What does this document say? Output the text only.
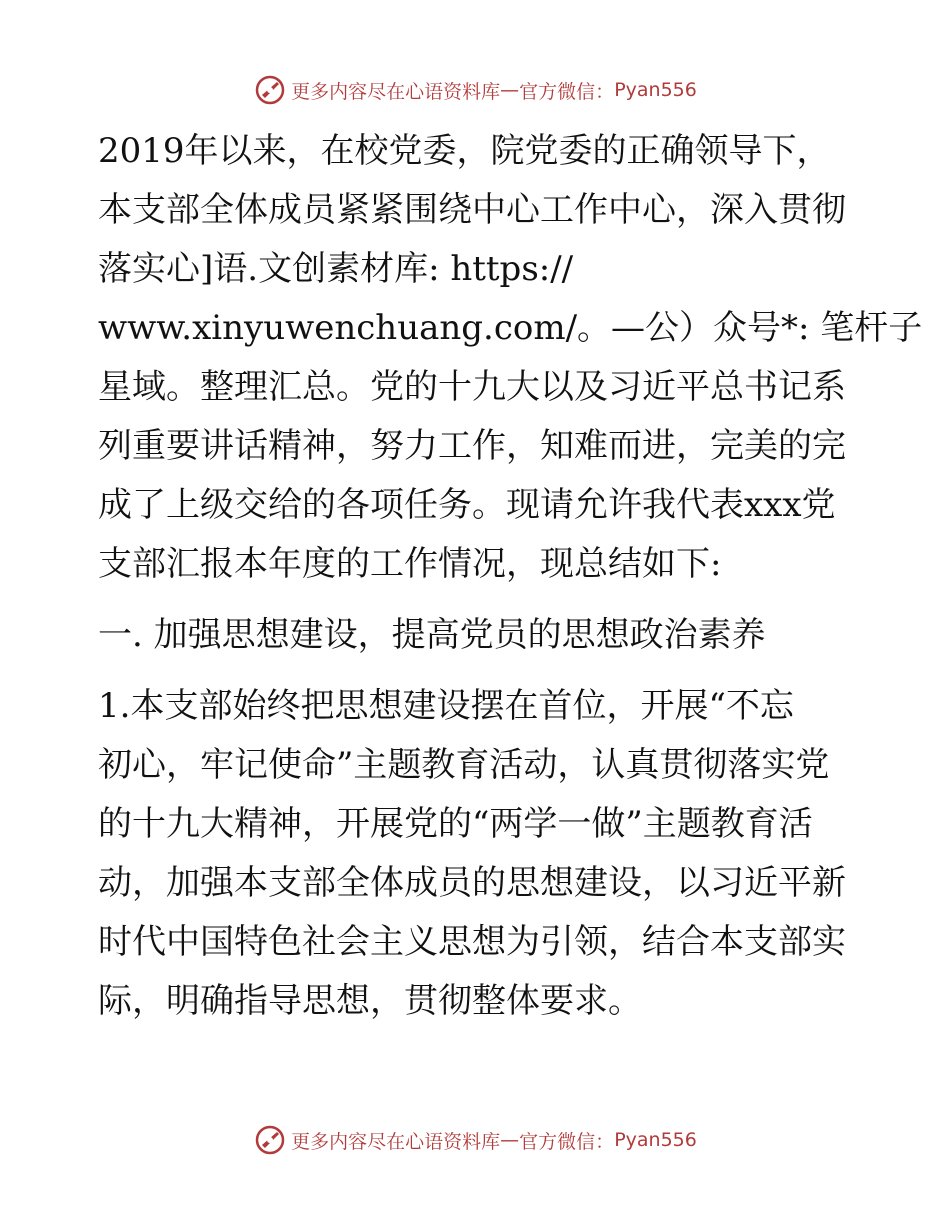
更多内容尽在心语资料库 — 官方微信： Pyan556

2019年以来，在校党委，院党委的正确领导下，
本支部全体成员紧紧围绕中心工作中心，深入贯彻
落实心]语.文创素材库: https://
www.xinyuwenchuang.com/。—公）众号*: 笔杆子
星域。整理汇总。党的十九大以及习近平总书记系
列重要讲话精神，努力工作，知难而进，完美的完
成了上级交给的各项任务。现请允许我代表xxx党
支部汇报本年度的工作情况，现总结如下:

一. 加强思想建设，提高党员的思想政治素养

1.本支部始终把思想建设摆在首位，开展“不忘
初心，牢记使命”主题教育活动，认真贯彻落实党
的十九大精神，开展党的“两学一做”主题教育活
动，加强本支部全体成员的思想建设，以习近平新
时代中国特色社会主义思想为引领，结合本支部实
际，明确指导思想，贯彻整体要求。

更多内容尽在心语资料库 — 官方微信： Pyan556
